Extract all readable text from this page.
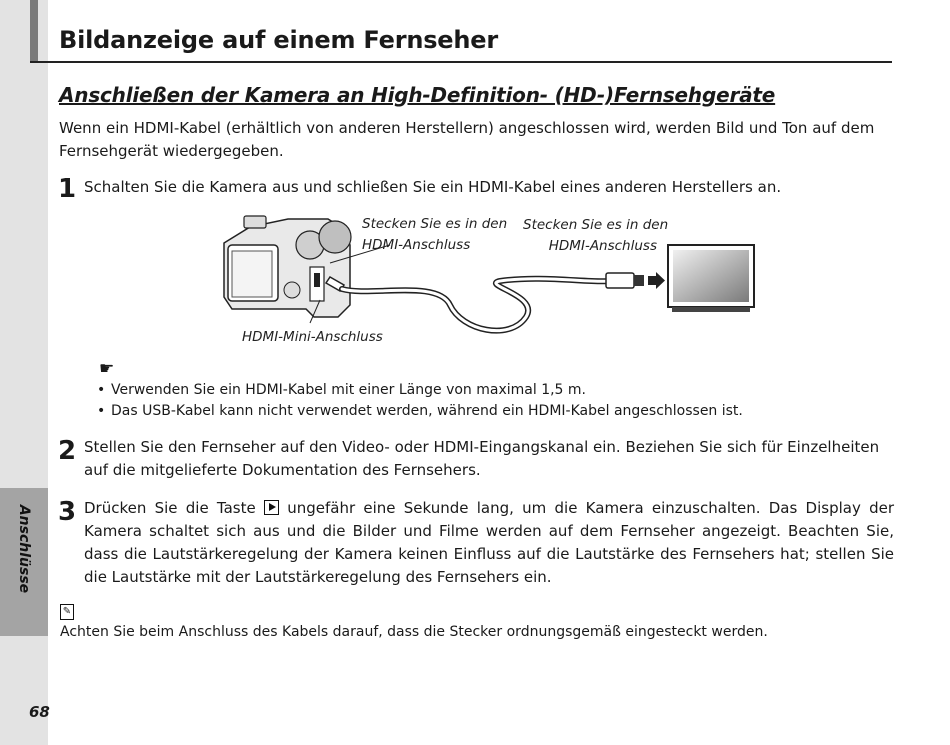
Anschlüsse
68
Bildanzeige auf einem Fernseher
Anschließen der Kamera an High-Definition- (HD-)Fernsehgeräte
Wenn ein HDMI-Kabel (erhältlich von anderen Herstellern) angeschlossen wird, werden Bild und Ton auf dem Fernsehgerät wiedergegeben.
1 Schalten Sie die Kamera aus und schließen Sie ein HDMI-Kabel eines anderen Herstellers an.
Stecken Sie es in den
HDMI-Anschluss
Stecken Sie es in den
HDMI-Anschluss
HDMI-Mini-Anschluss
☛
• Verwenden Sie ein HDMI-Kabel mit einer Länge von maximal 1,5 m.
• Das USB-Kabel kann nicht verwendet werden, während ein HDMI-Kabel angeschlossen ist.
2 Stellen Sie den Fernseher auf den Video- oder HDMI-Eingangskanal ein. Beziehen Sie sich für Einzelheiten auf die mitgelieferte Dokumentation des Fernsehers.
3 Drücken Sie die Taste ungefähr eine Sekunde lang, um die Kamera einzuschalten. Das Display der Kamera schaltet sich aus und die Bilder und Filme werden auf dem Fernseher angezeigt. Beachten Sie, dass die Lautstärkeregelung der Kamera keinen Einfluss auf die Lautstärke des Fernsehers hat; stellen Sie die Lautstärke mit der Lautstärkeregelung des Fernsehers ein.
✎
Achten Sie beim Anschluss des Kabels darauf, dass die Stecker ordnungsgemäß eingesteckt werden.
